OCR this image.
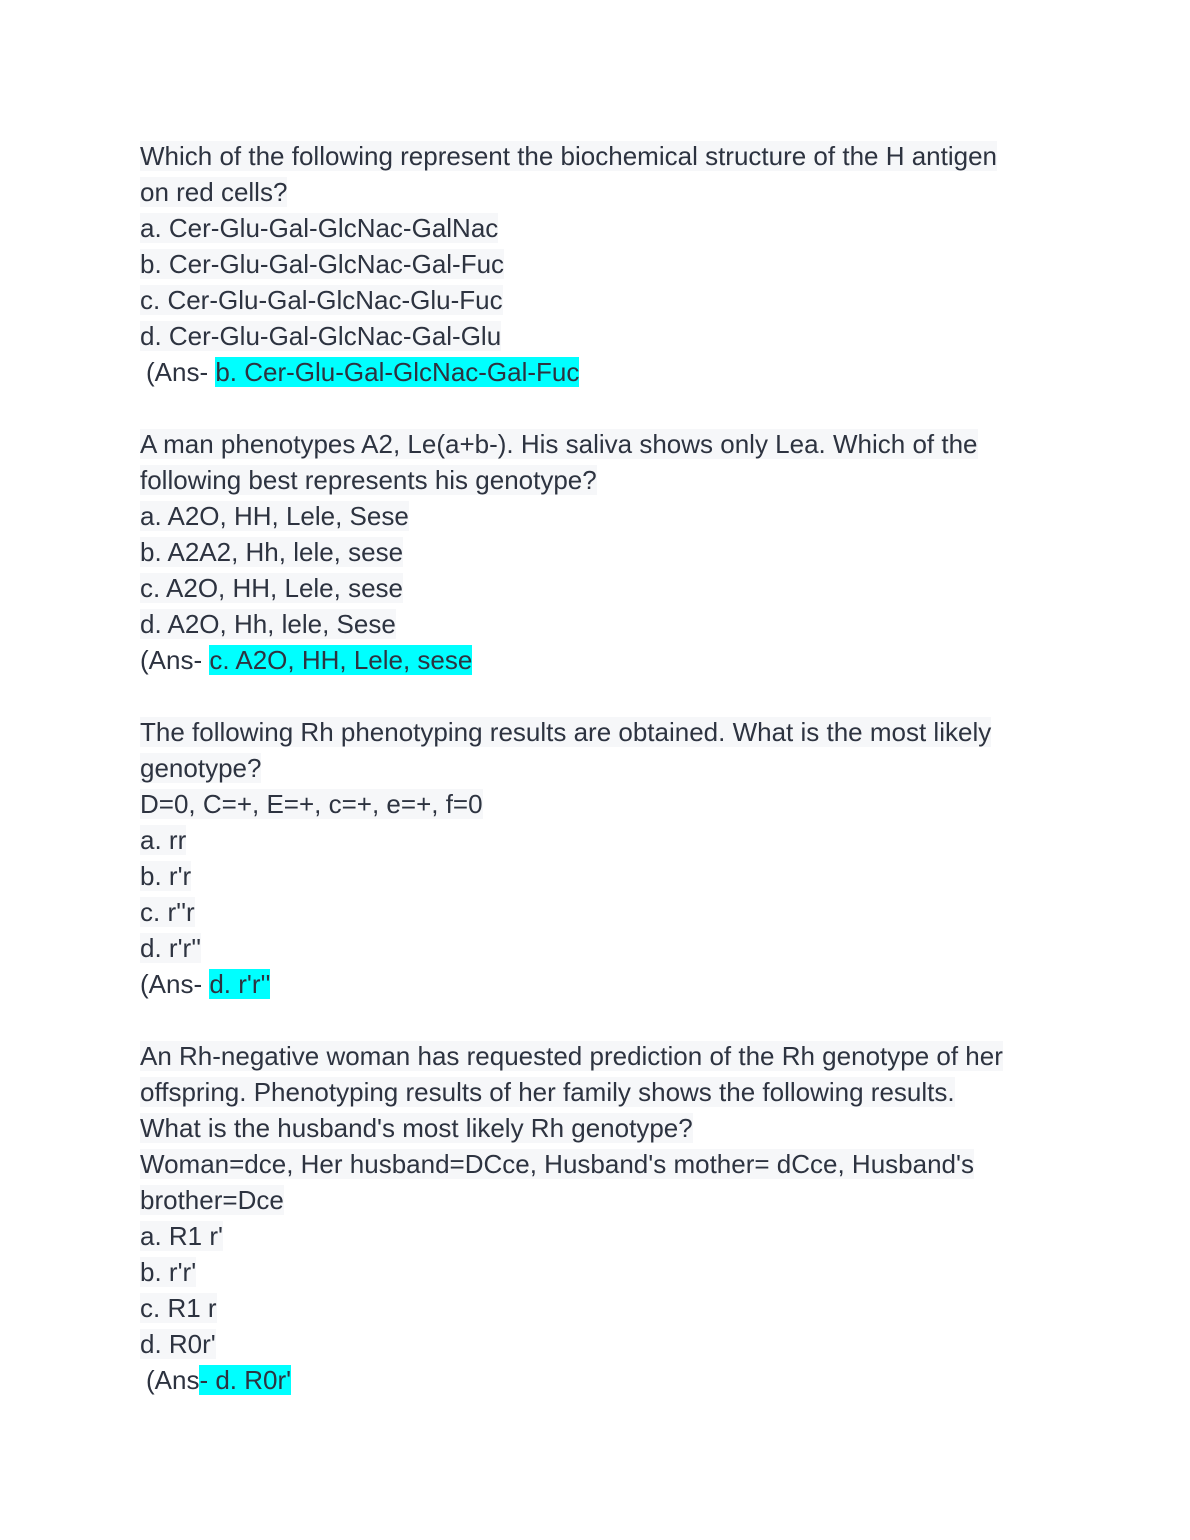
Which of the following represent the biochemical structure of the H antigen
on red cells?
a. Cer-Glu-Gal-GlcNac-GalNac
b. Cer-Glu-Gal-GlcNac-Gal-Fuc
c. Cer-Glu-Gal-GlcNac-Glu-Fuc
d. Cer-Glu-Gal-GlcNac-Gal-Glu
(Ans- b. Cer-Glu-Gal-GlcNac-Gal-Fuc
A man phenotypes A2, Le(a+b-). His saliva shows only Lea. Which of the
following best represents his genotype?
a. A2O, HH, Lele, Sese
b. A2A2, Hh, lele, sese
c. A2O, HH, Lele, sese
d. A2O, Hh, lele, Sese
(Ans- c. A2O, HH, Lele, sese
The following Rh phenotyping results are obtained. What is the most likely
genotype?
D=0, C=+, E=+, c=+, e=+, f=0
a. rr
b. r'r
c. r''r
d. r'r''
(Ans- d. r'r''
An Rh-negative woman has requested prediction of the Rh genotype of her
offspring. Phenotyping results of her family shows the following results.
What is the husband's most likely Rh genotype?
Woman=dce, Her husband=DCce, Husband's mother= dCce, Husband's
brother=Dce
a. R1 r'
b. r'r'
c. R1 r
d. R0r'
(Ans- d. R0r'
